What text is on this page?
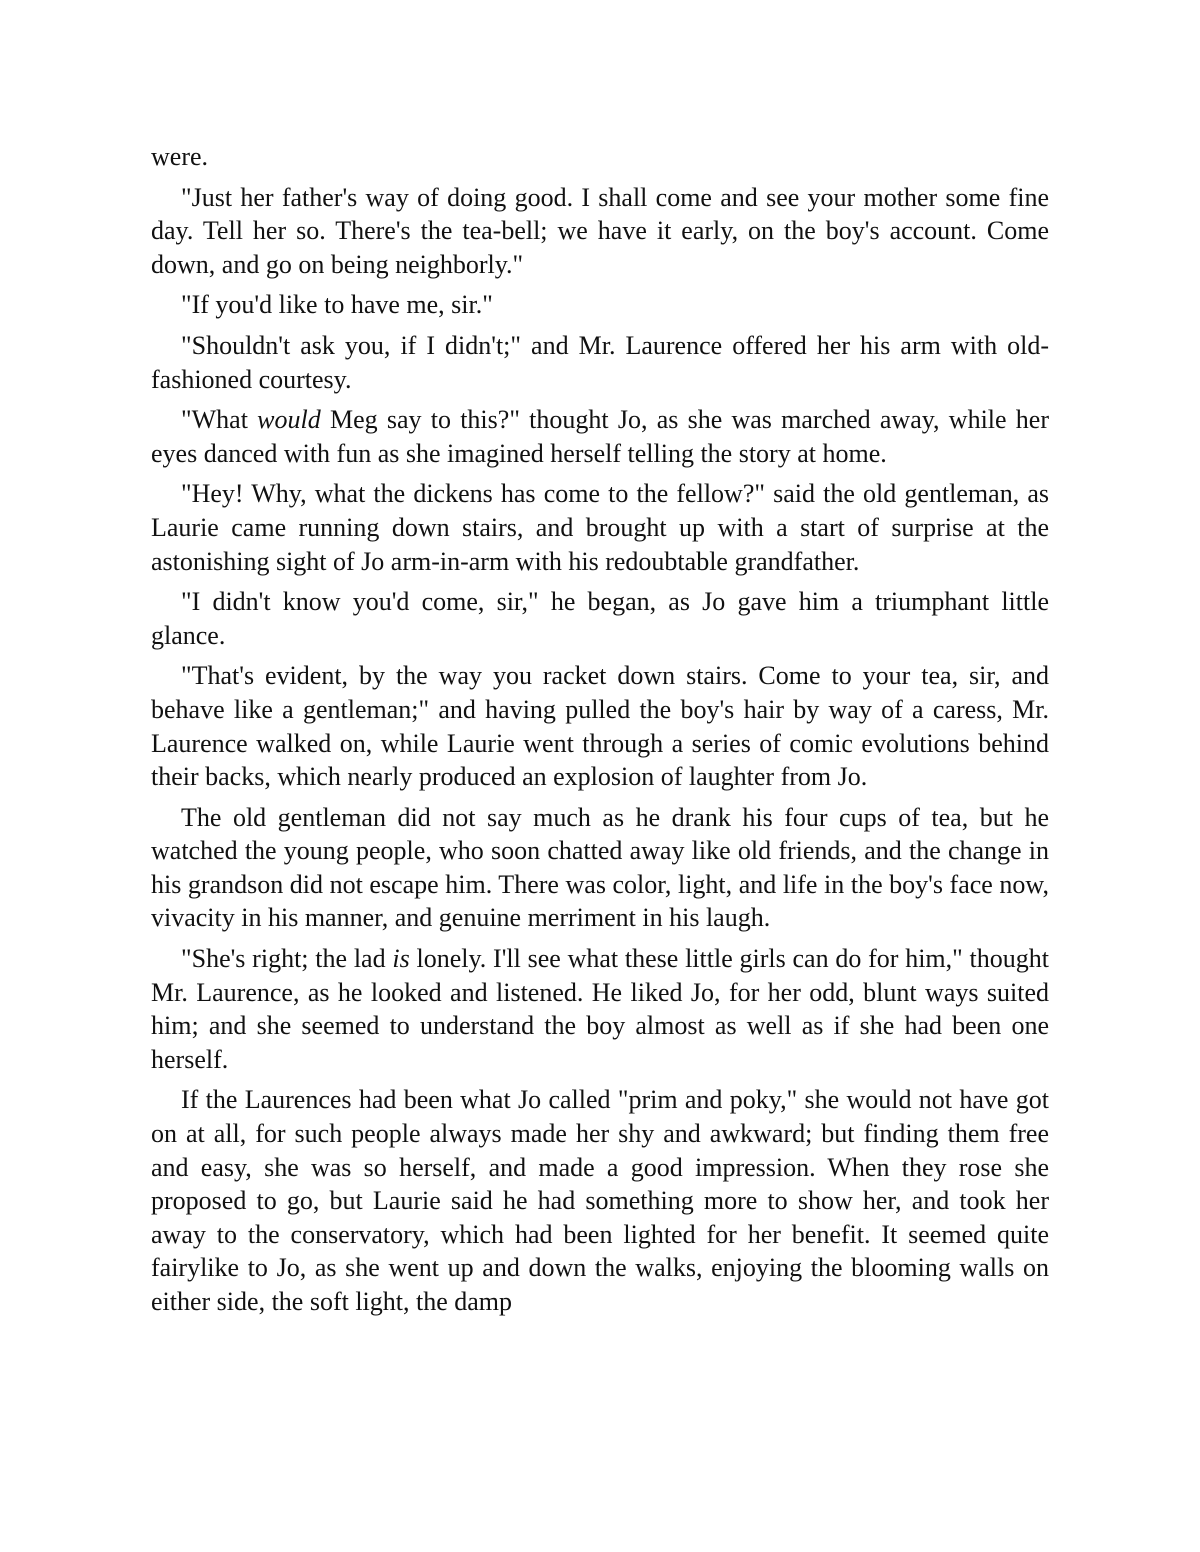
were.

"Just her father's way of doing good. I shall come and see your mother some fine day. Tell her so. There's the tea-bell; we have it early, on the boy's account. Come down, and go on being neighborly."

"If you'd like to have me, sir."

"Shouldn't ask you, if I didn't;" and Mr. Laurence offered her his arm with old-fashioned courtesy.

"What would Meg say to this?" thought Jo, as she was marched away, while her eyes danced with fun as she imagined herself telling the story at home.

"Hey! Why, what the dickens has come to the fellow?" said the old gentleman, as Laurie came running down stairs, and brought up with a start of surprise at the astonishing sight of Jo arm-in-arm with his redoubtable grandfather.

"I didn't know you'd come, sir," he began, as Jo gave him a triumphant little glance.

"That's evident, by the way you racket down stairs. Come to your tea, sir, and behave like a gentleman;" and having pulled the boy's hair by way of a caress, Mr. Laurence walked on, while Laurie went through a series of comic evolutions behind their backs, which nearly produced an explosion of laughter from Jo.

The old gentleman did not say much as he drank his four cups of tea, but he watched the young people, who soon chatted away like old friends, and the change in his grandson did not escape him. There was color, light, and life in the boy's face now, vivacity in his manner, and genuine merriment in his laugh.

"She's right; the lad is lonely. I'll see what these little girls can do for him," thought Mr. Laurence, as he looked and listened. He liked Jo, for her odd, blunt ways suited him; and she seemed to understand the boy almost as well as if she had been one herself.

If the Laurences had been what Jo called "prim and poky," she would not have got on at all, for such people always made her shy and awkward; but finding them free and easy, she was so herself, and made a good impression. When they rose she proposed to go, but Laurie said he had something more to show her, and took her away to the conservatory, which had been lighted for her benefit. It seemed quite fairylike to Jo, as she went up and down the walks, enjoying the blooming walls on either side, the soft light, the damp
